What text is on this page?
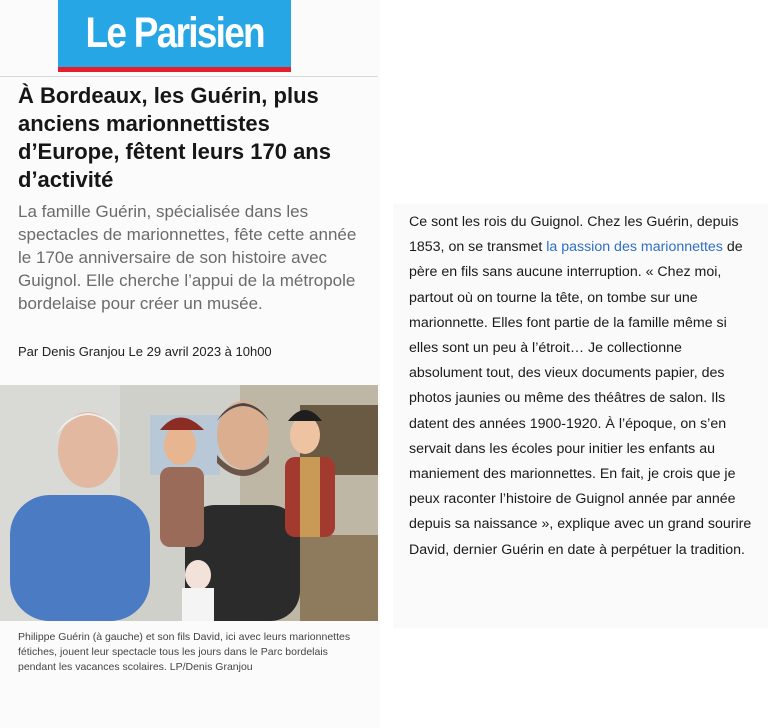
Le Parisien
À Bordeaux, les Guérin, plus anciens marionnettistes d’Europe, fêtent leurs 170 ans d’activité

La famille Guérin, spécialisée dans les spectacles de marionnettes, fête cette année le 170e anniversaire de son histoire avec Guignol. Elle cherche l’appui de la métropole bordelaise pour créer un musée.

Par Denis Granjou Le 29 avril 2023 à 10h00

Philippe Guérin (à gauche) et son fils David, ici avec leurs marionnettes fétiches, jouent leur spectacle tous les jours dans le Parc bordelais pendant les vacances scolaires. LP/Denis Granjou

Ce sont les rois du Guignol. Chez les Guérin, depuis 1853, on se transmet la passion des marionnettes de père en fils sans aucune interruption. « Chez moi, partout où on tourne la tête, on tombe sur une marionnette. Elles font partie de la famille même si elles sont un peu à l’étroit… Je collectionne absolument tout, des vieux documents papier, des photos jaunies ou même des théâtres de salon. Ils datent des années 1900-1920. À l’époque, on s’en servait dans les écoles pour initier les enfants au maniement des marionnettes. En fait, je crois que je peux raconter l’histoire de Guignol année par année depuis sa naissance », explique avec un grand sourire David, dernier Guérin en date à perpétuer la tradition.
